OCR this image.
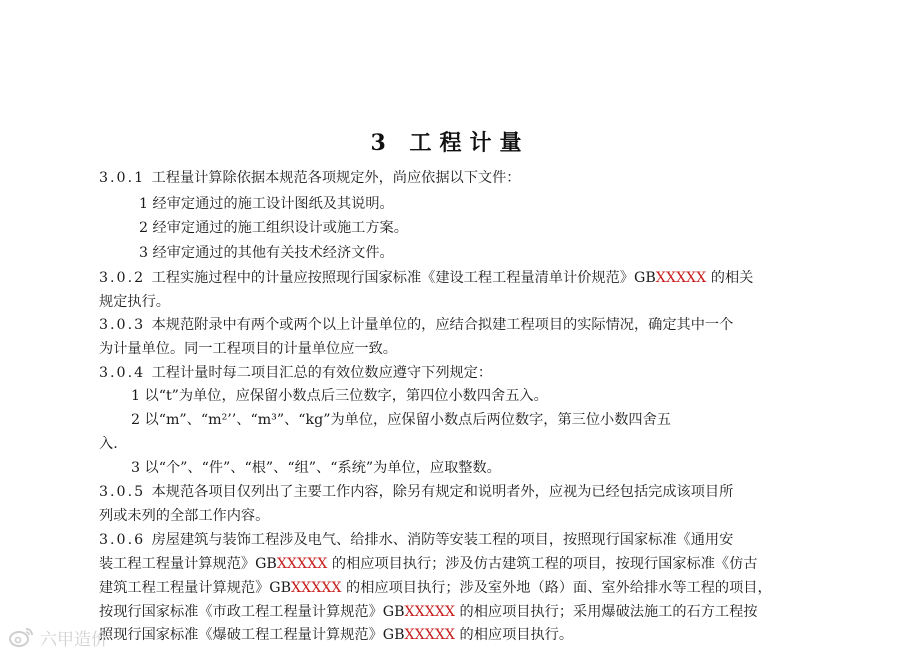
3 工程计量
3.0.1 工程量计算除依据本规范各项规定外，尚应依据以下文件：
1 经审定通过的施工设计图纸及其说明。
2 经审定通过的施工组织设计或施工方案。
3 经审定通过的其他有关技术经济文件。
3.0.2 工程实施过程中的计量应按照现行国家标准《建设工程工程量清单计价规范》GBXXXXX 的相关
规定执行。
3.0.3 本规范附录中有两个或两个以上计量单位的，应结合拟建工程项目的实际情况，确定其中一个
为计量单位。同一工程项目的计量单位应一致。
3.0.4 工程计量时每二项目汇总的有效位数应遵守下列规定：
1 以“t”为单位，应保留小数点后三位数字，第四位小数四舍五入。
2 以“m”、“m²’’、“m³”、“kg”为单位，应保留小数点后两位数字，第三位小数四舍五
入.
3 以“个”、“件”、“根”、“组”、“系统”为单位，应取整数。
3.0.5 本规范各项目仅列出了主要工作内容，除另有规定和说明者外，应视为已经包括完成该项目所
列或未列的全部工作内容。
3.0.6 房屋建筑与装饰工程涉及电气、给排水、消防等安装工程的项目，按照现行国家标准《通用安
装工程工程量计算规范》GBXXXXX 的相应项目执行；涉及仿古建筑工程的项目，按现行国家标准《仿古
建筑工程工程量计算规范》GBXXXXX 的相应项目执行；涉及室外地（路）面、室外给排水等工程的项目，
按现行国家标准《市政工程工程量计算规范》GBXXXXX 的相应项目执行；采用爆破法施工的石方工程按
照现行国家标准《爆破工程工程量计算规范》GBXXXXX 的相应项目执行。
六甲造价
